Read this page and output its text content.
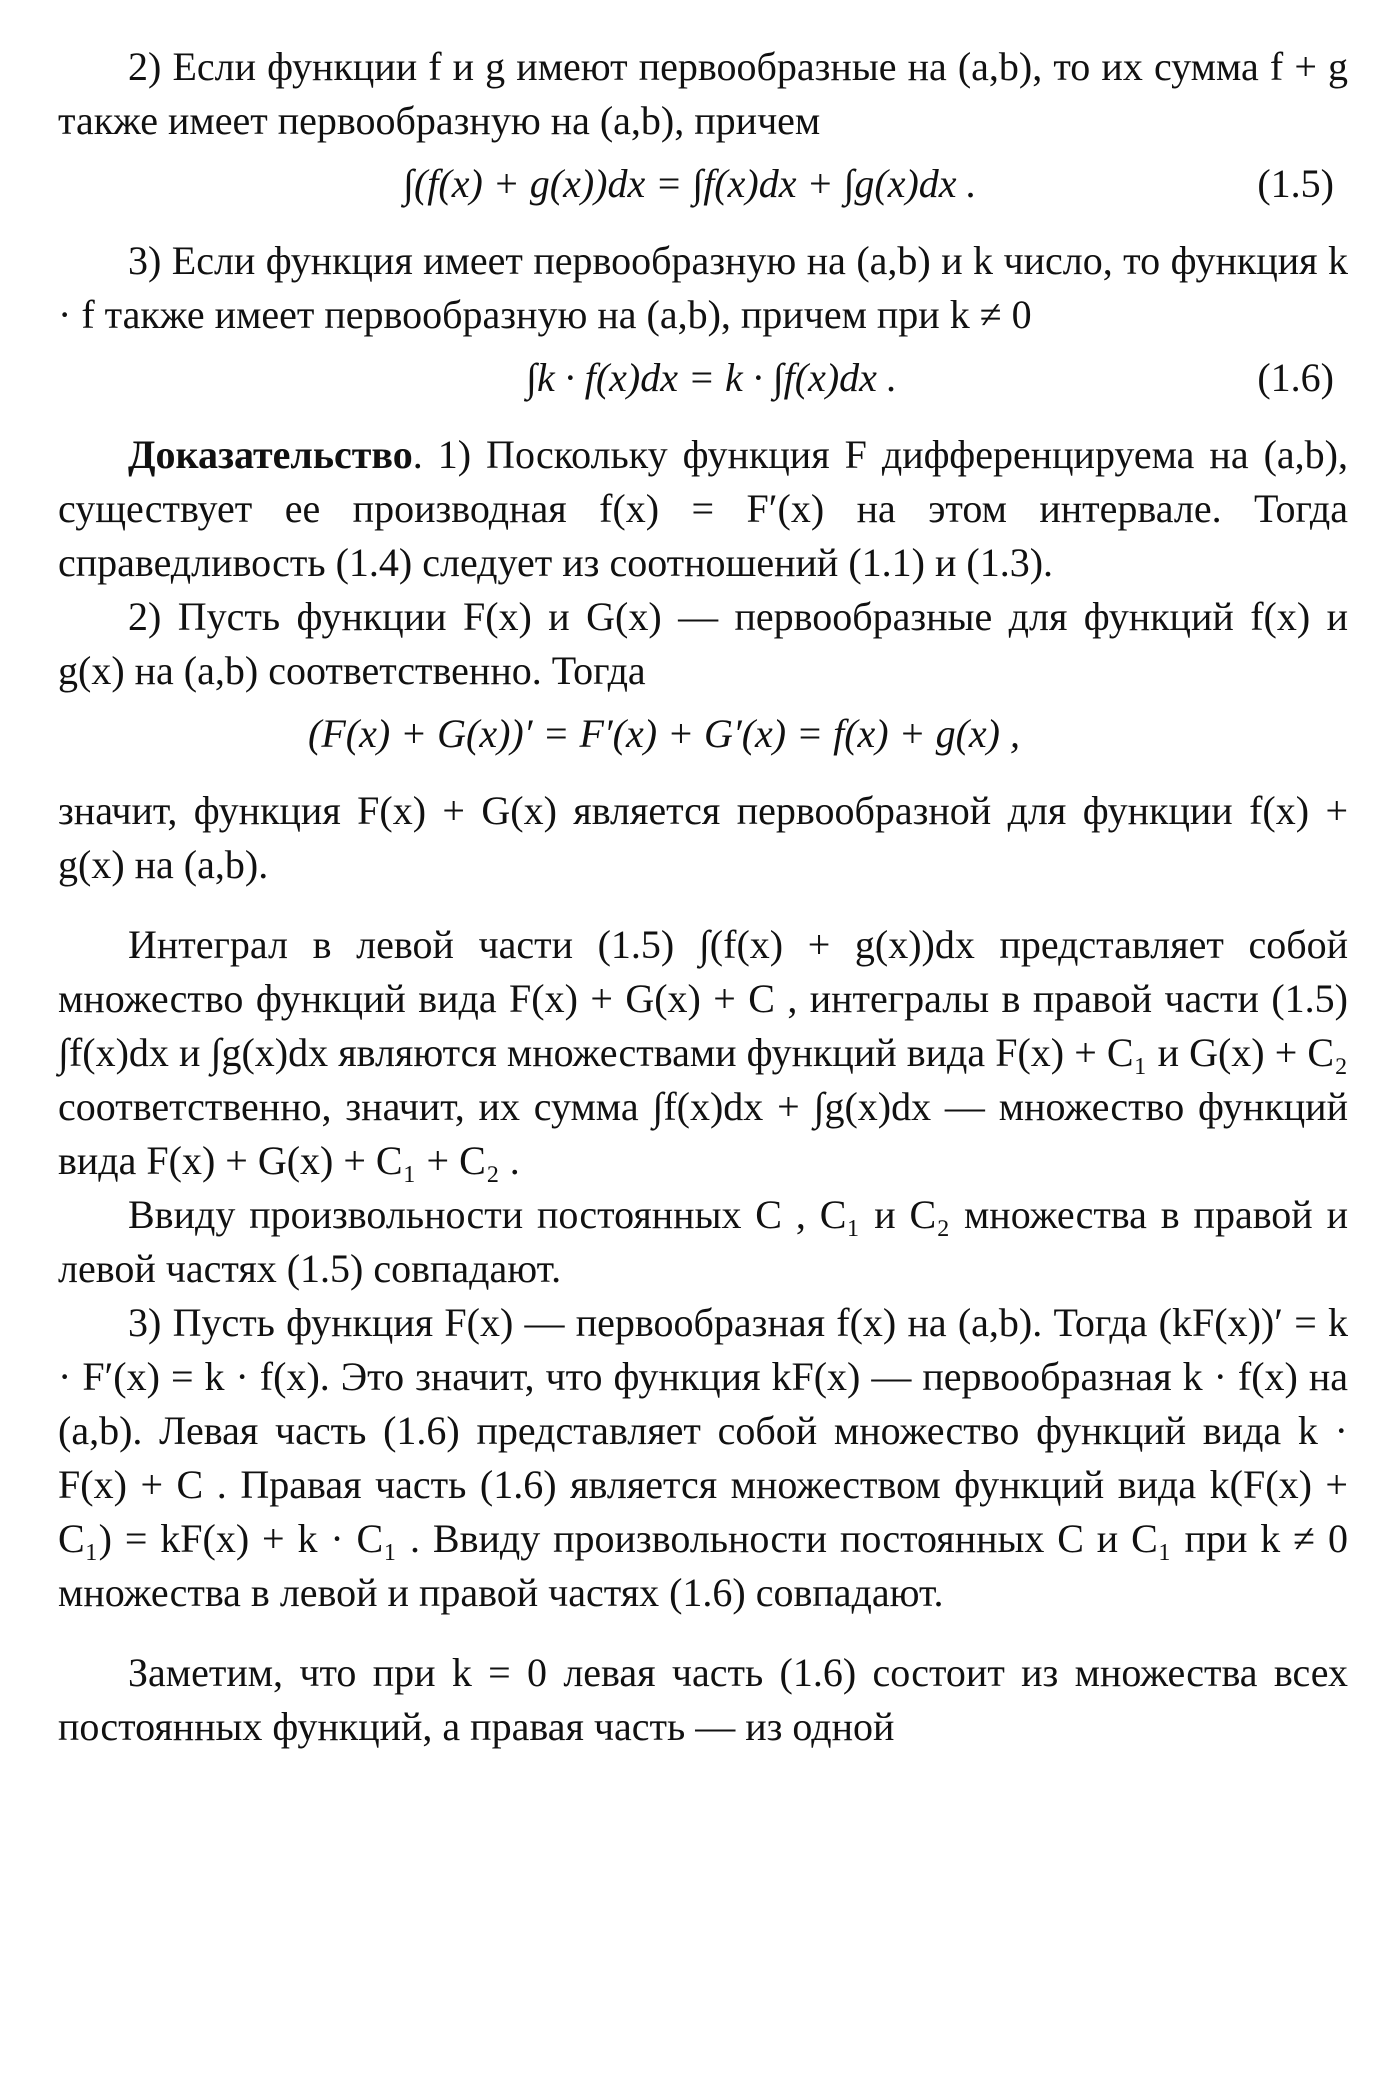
2) Если функции f и g имеют первообразные на (a,b), то их сумма f + g также имеет первообразную на (a,b), причем

∫(f(x) + g(x))dx = ∫f(x)dx + ∫g(x)dx .	(1.5)

3) Если функция имеет первообразную на (a,b) и k число, то функция k · f также имеет первообразную на (a,b), причем при k ≠ 0

∫k · f(x)dx = k · ∫f(x)dx .	(1.6)

Доказательство. 1) Поскольку функция F дифференцируема на (a,b), существует ее производная f(x) = F′(x) на этом интервале. Тогда справедливость (1.4) следует из соотношений (1.1) и (1.3).

2) Пусть функции F(x) и G(x) — первообразные для функций f(x) и g(x) на (a,b) соответственно. Тогда

(F(x) + G(x))′ = F′(x) + G′(x) = f(x) + g(x) ,

значит, функция F(x) + G(x) является первообразной для функции f(x) + g(x) на (a,b).

Интеграл в левой части (1.5) ∫(f(x) + g(x))dx представляет собой множество функций вида F(x) + G(x) + C , интегралы в правой части (1.5) ∫f(x)dx и ∫g(x)dx являются множествами функций вида F(x) + C₁ и G(x) + C₂ соответственно, значит, их сумма ∫f(x)dx + ∫g(x)dx — множество функций вида F(x) + G(x) + C₁ + C₂ .

Ввиду произвольности постоянных C , C₁ и C₂ множества в правой и левой частях (1.5) совпадают.

3) Пусть функция F(x) — первообразная f(x) на (a,b). Тогда (kF(x))′ = k · F′(x) = k · f(x). Это значит, что функция kF(x) — первообразная k · f(x) на (a,b). Левая часть (1.6) представляет собой множество функций вида k · F(x) + C . Правая часть (1.6) является множеством функций вида k(F(x) + C₁) = kF(x) + k · C₁ . Ввиду произвольности постоянных C и C₁ при k ≠ 0 множества в левой и правой частях (1.6) совпадают.

Заметим, что при k = 0 левая часть (1.6) состоит из множества всех постоянных функций, а правая часть — из одной
